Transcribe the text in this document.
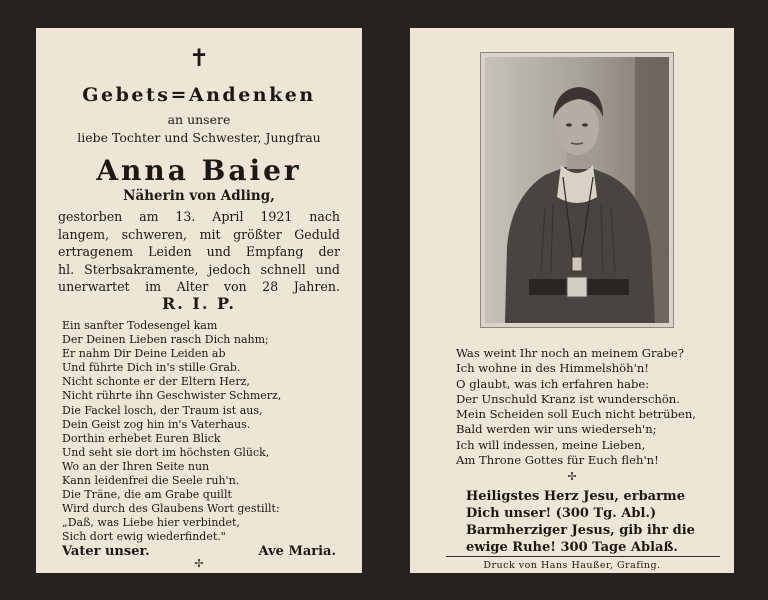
✝
Gebets=Andenken
an unsere
liebe Tochter und Schwester, Jungfrau
Anna Baier
Näherin von Adling,
gestorben am 13. April 1921 nach
langem, schweren, mit größter Geduld
ertragenem Leiden und Empfang der
hl. Sterbsakramente, jedoch schnell und
unerwartet im Alter von 28 Jahren.
R. I. P.
Ein sanfter Todesengel kam
Der Deinen Lieben rasch Dich nahm;
Er nahm Dir Deine Leiden ab
Und führte Dich in's stille Grab.
Nicht schonte er der Eltern Herz,
Nicht rührte ihn Geschwister Schmerz,
Die Fackel losch, der Traum ist aus,
Dein Geist zog hin in's Vaterhaus.
Dorthin erhebet Euren Blick
Und seht sie dort im höchsten Glück,
Wo an der Ihren Seite nun
Kann leidenfrei die Seele ruh'n.
Die Träne, die am Grabe quillt
Wird durch des Glaubens Wort gestillt:
„Daß, was Liebe hier verbindet,
Sich dort ewig wiederfindet."
✢
Vater unser.	Ave Maria.
Was weint Ihr noch an meinem Grabe?
Ich wohne in des Himmelshöh'n!
O glaubt, was ich erfahren habe:
Der Unschuld Kranz ist wunderschön.
Mein Scheiden soll Euch nicht betrüben,
Bald werden wir uns wiederseh'n;
Ich will indessen, meine Lieben,
Am Throne Gottes für Euch fleh'n!
✢
Heiligstes Herz Jesu, erbarme
Dich unser! (300 Tg. Abl.)
Barmherziger Jesus, gib ihr die
ewige Ruhe! 300 Tage Ablaß.
Druck von Hans Haußer, Grafing.
